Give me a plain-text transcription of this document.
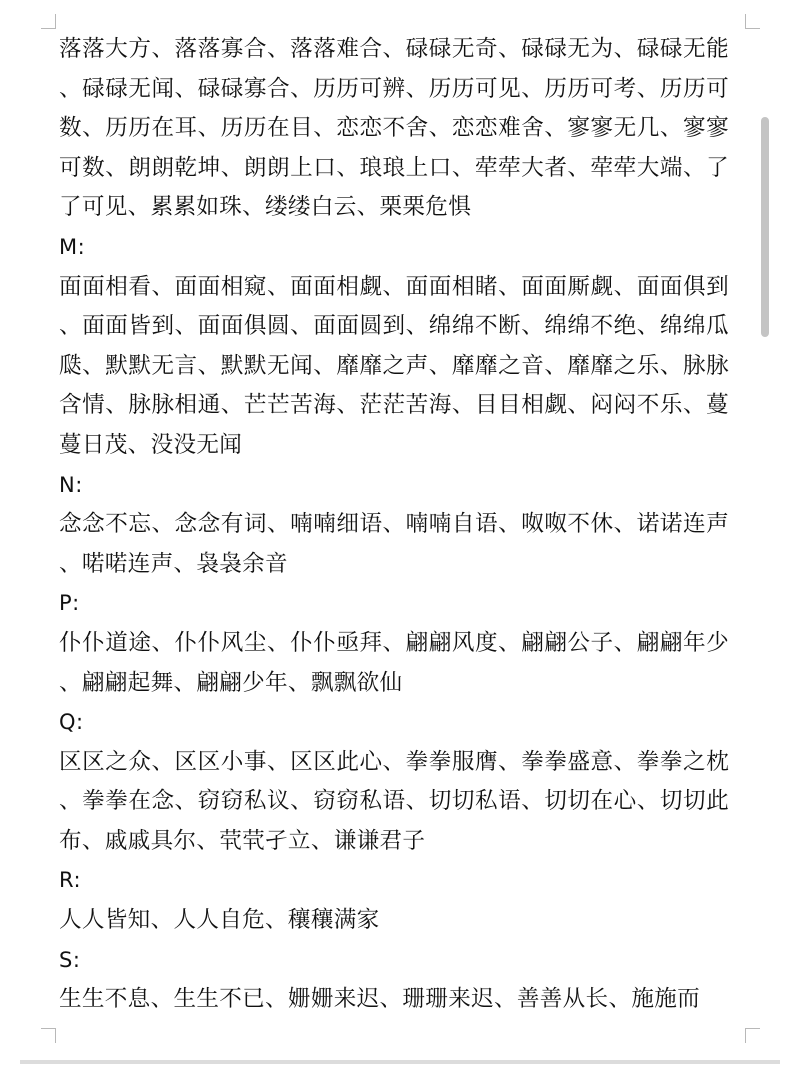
落落大方、落落寡合、落落难合、碌碌无奇、碌碌无为、碌碌无能、碌碌无闻、碌碌寡合、历历可辨、历历可见、历历可考、历历可数、历历在耳、历历在目、恋恋不舍、恋恋难舍、寥寥无几、寥寥可数、朗朗乾坤、朗朗上口、琅琅上口、荦荦大者、荦荦大端、了了可见、累累如珠、缕缕白云、栗栗危惧

M:

面面相看、面面相窥、面面相觑、面面相睹、面面厮觑、面面俱到、面面皆到、面面俱圆、面面圆到、绵绵不断、绵绵不绝、绵绵瓜瓞、默默无言、默默无闻、靡靡之声、靡靡之音、靡靡之乐、脉脉含情、脉脉相通、芒芒苦海、茫茫苦海、目目相觑、闷闷不乐、蔓蔓日茂、没没无闻

N:

念念不忘、念念有词、喃喃细语、喃喃自语、呶呶不休、诺诺连声、喏喏连声、袅袅余音

P:

仆仆道途、仆仆风尘、仆仆亟拜、翩翩风度、翩翩公子、翩翩年少、翩翩起舞、翩翩少年、飘飘欲仙

Q:

区区之众、区区小事、区区此心、拳拳服膺、拳拳盛意、拳拳之枕、拳拳在念、窃窃私议、窃窃私语、切切私语、切切在心、切切此布、戚戚具尔、茕茕孑立、谦谦君子

R:

人人皆知、人人自危、穰穰满家

S:

生生不息、生生不已、姗姗来迟、珊珊来迟、善善从长、施施而
